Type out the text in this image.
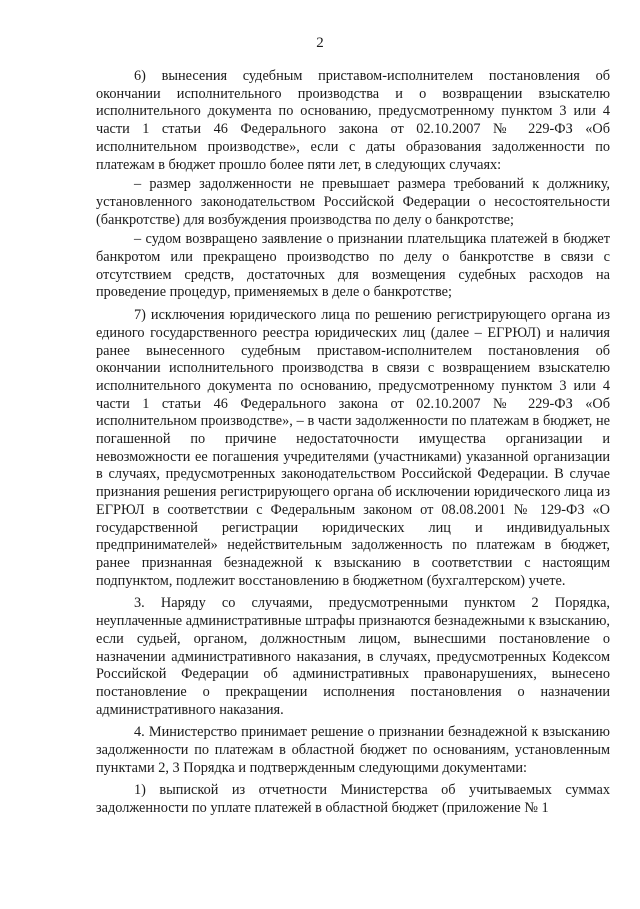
2

6) вынесения судебным приставом-исполнителем постановления об окончании исполнительного производства и о возвращении взыскателю исполнительного документа по основанию, предусмотренному пунктом 3 или 4 части 1 статьи 46 Федерального закона от 02.10.2007 № 229-ФЗ «Об исполнительном производстве», если с даты образования задолженности по платежам в бюджет прошло более пяти лет, в следующих случаях:

– размер задолженности не превышает размера требований к должнику, установленного законодательством Российской Федерации о несостоятельности (банкротстве) для возбуждения производства по делу о банкротстве;

– судом возвращено заявление о признании плательщика платежей в бюджет банкротом или прекращено производство по делу о банкротстве в связи с отсутствием средств, достаточных для возмещения судебных расходов на проведение процедур, применяемых в деле о банкротстве;

7) исключения юридического лица по решению регистрирующего органа из единого государственного реестра юридических лиц (далее – ЕГРЮЛ) и наличия ранее вынесенного судебным приставом-исполнителем постановления об окончании исполнительного производства в связи с возвращением взыскателю исполнительного документа по основанию, предусмотренному пунктом 3 или 4 части 1 статьи 46 Федерального закона от 02.10.2007 № 229-ФЗ «Об исполнительном производстве», – в части задолженности по платежам в бюджет, не погашенной по причине недостаточности имущества организации и невозможности ее погашения учредителями (участниками) указанной организации в случаях, предусмотренных законодательством Российской Федерации. В случае признания решения регистрирующего органа об исключении юридического лица из ЕГРЮЛ в соответствии с Федеральным законом от 08.08.2001 № 129-ФЗ «О государственной регистрации юридических лиц и индивидуальных предпринимателей» недействительным задолженность по платежам в бюджет, ранее признанная безнадежной к взысканию в соответствии с настоящим подпунктом, подлежит восстановлению в бюджетном (бухгалтерском) учете.

3. Наряду со случаями, предусмотренными пунктом 2 Порядка, неуплаченные административные штрафы признаются безнадежными к взысканию, если судьей, органом, должностным лицом, вынесшими постановление о назначении административного наказания, в случаях, предусмотренных Кодексом Российской Федерации об административных правонарушениях, вынесено постановление о прекращении исполнения постановления о назначении административного наказания.

4. Министерство принимает решение о признании безнадежной к взысканию задолженности по платежам в областной бюджет по основаниям, установленным пунктами 2, 3 Порядка и подтвержденным следующими документами:

1) выпиской из отчетности Министерства об учитываемых суммах задолженности по уплате платежей в областной бюджет (приложение № 1
